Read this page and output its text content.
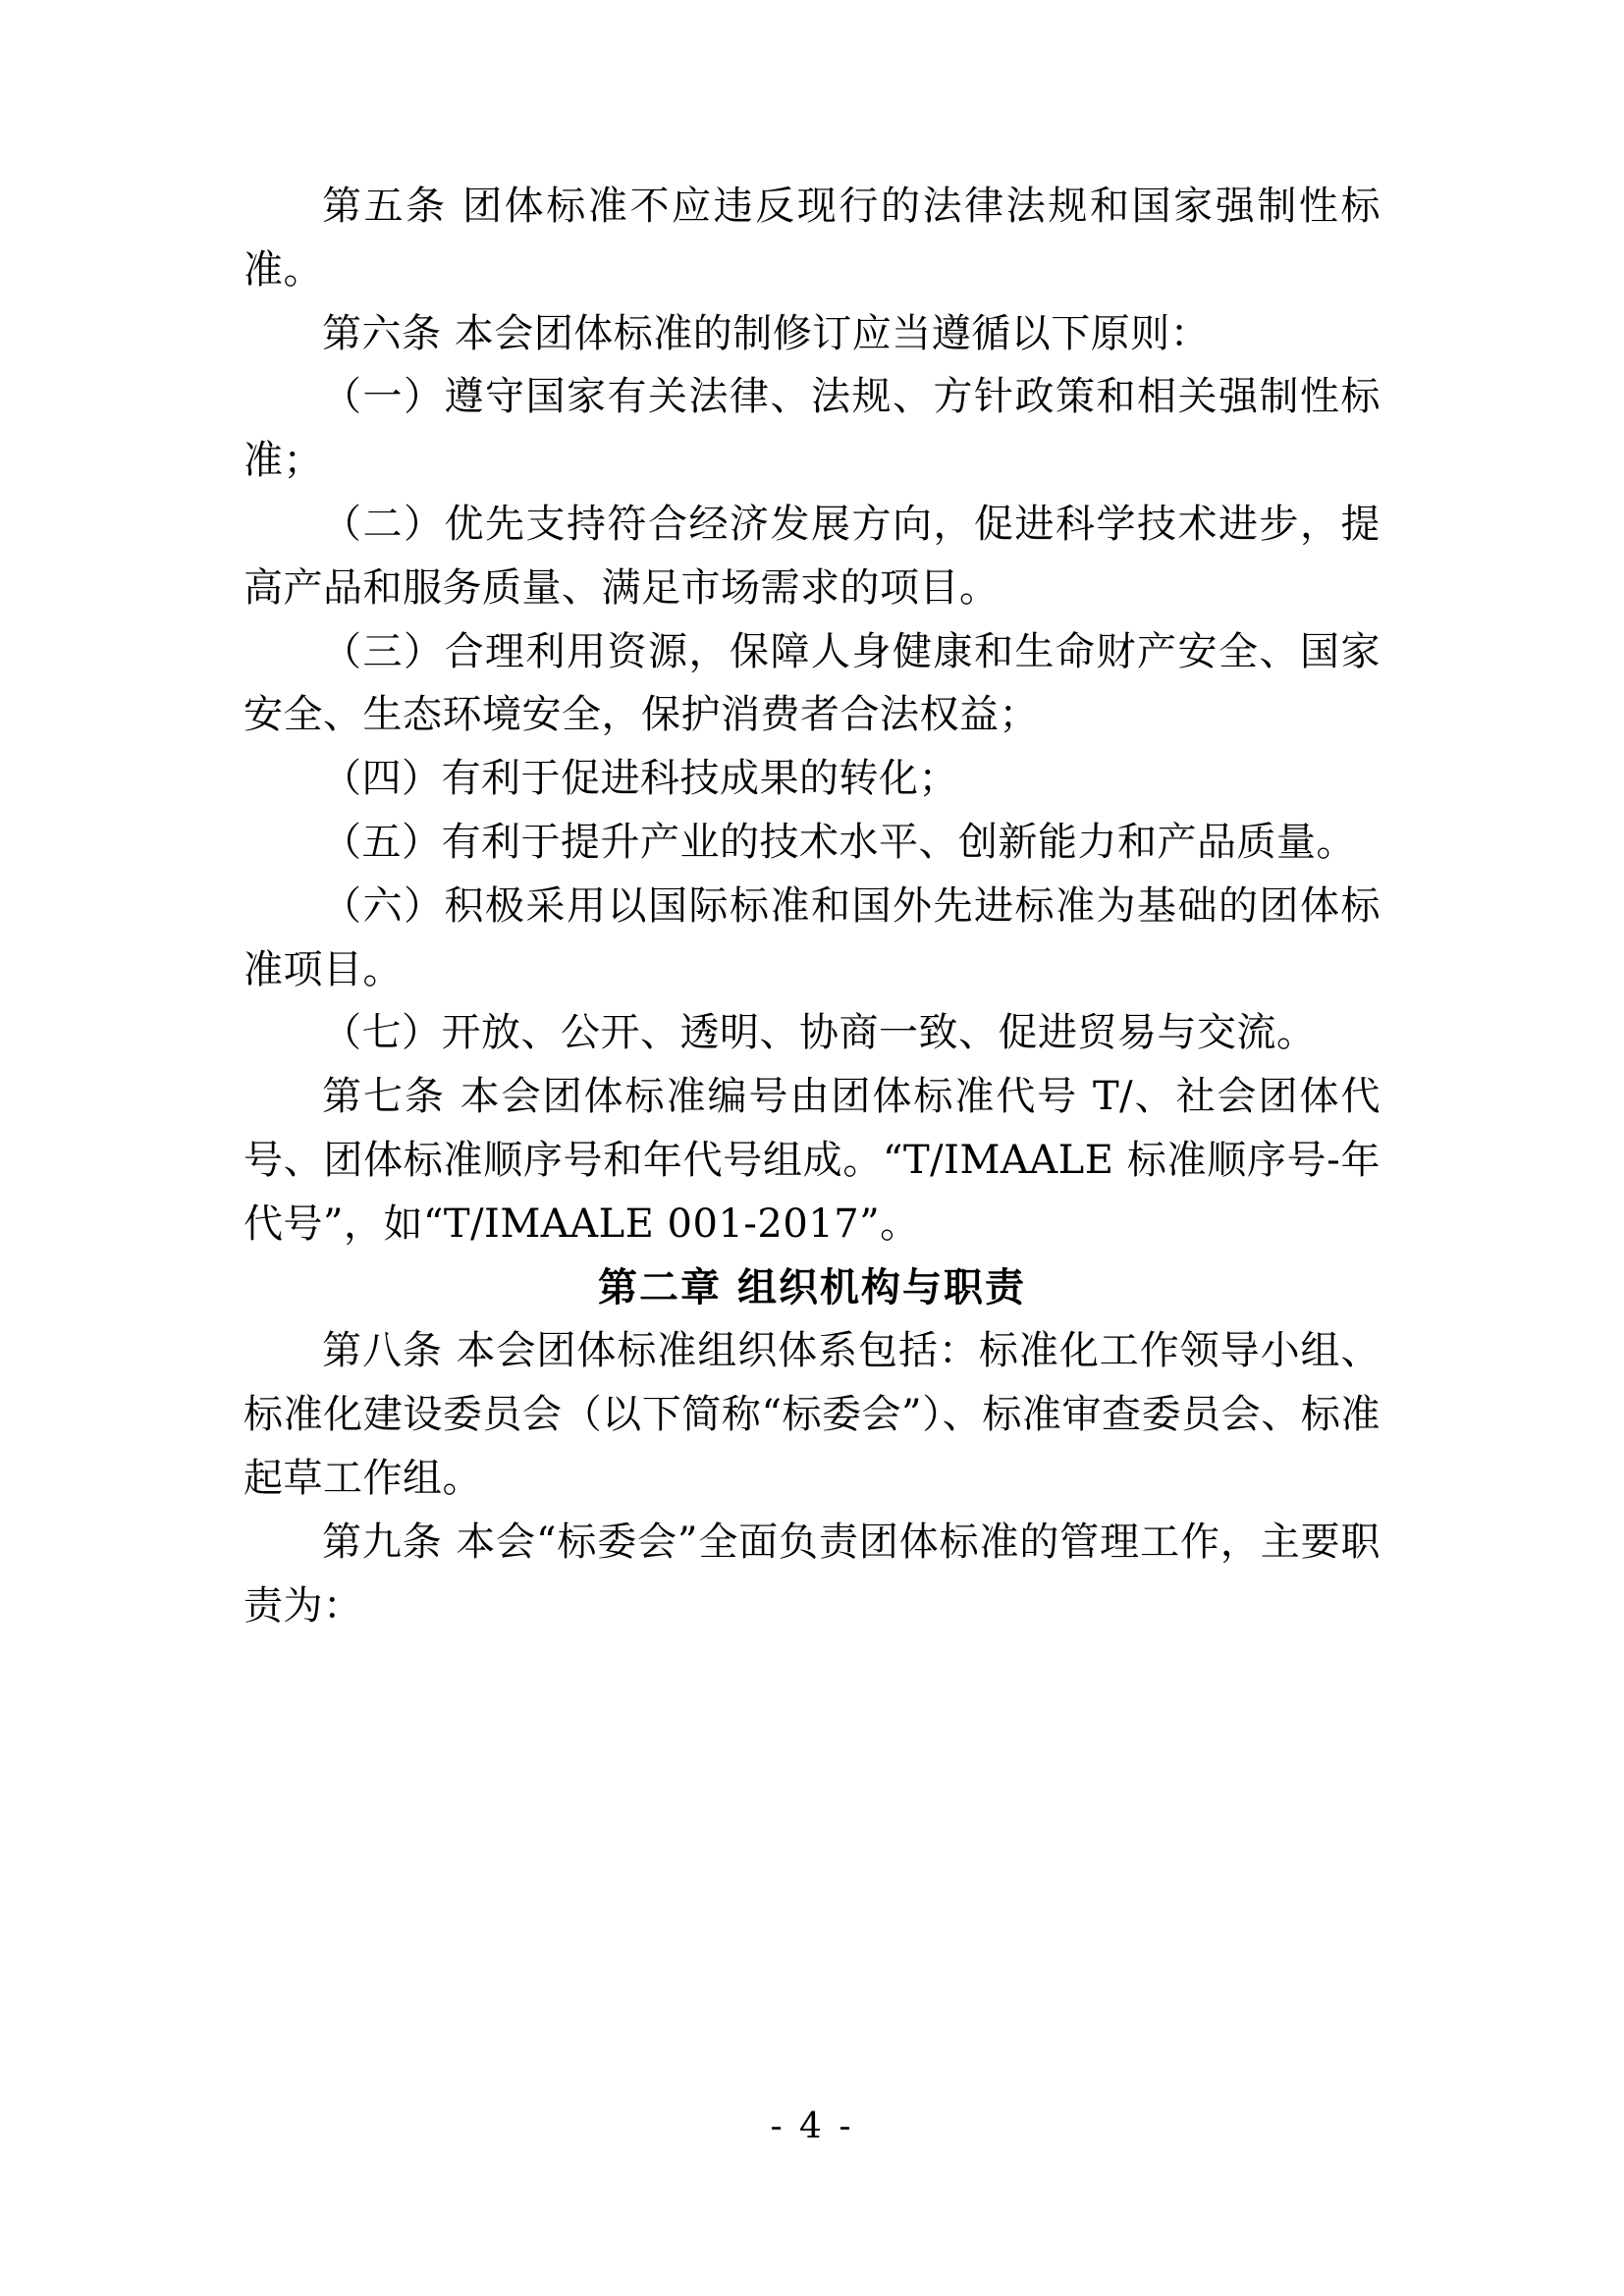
第五条 团体标准不应违反现行的法律法规和国家强制性标准。

第六条 本会团体标准的制修订应当遵循以下原则：

（一）遵守国家有关法律、法规、方针政策和相关强制性标准；

（二）优先支持符合经济发展方向，促进科学技术进步，提高产品和服务质量、满足市场需求的项目。

（三）合理利用资源，保障人身健康和生命财产安全、国家安全、生态环境安全，保护消费者合法权益；

（四）有利于促进科技成果的转化；

（五）有利于提升产业的技术水平、创新能力和产品质量。

（六）积极采用以国际标准和国外先进标准为基础的团体标准项目。

（七）开放、公开、透明、协商一致、促进贸易与交流。

第七条 本会团体标准编号由团体标准代号 T/、社会团体代号、团体标准顺序号和年代号组成。“T/IMAALE 标准顺序号-年代号”，如“T/IMAALE 001-2017”。

第二章 组织机构与职责

第八条 本会团体标准组织体系包括：标准化工作领导小组、标准化建设委员会（以下简称“标委会”）、标准审查委员会、标准起草工作组。

第九条 本会“标委会”全面负责团体标准的管理工作，主要职责为：

- 4 -
